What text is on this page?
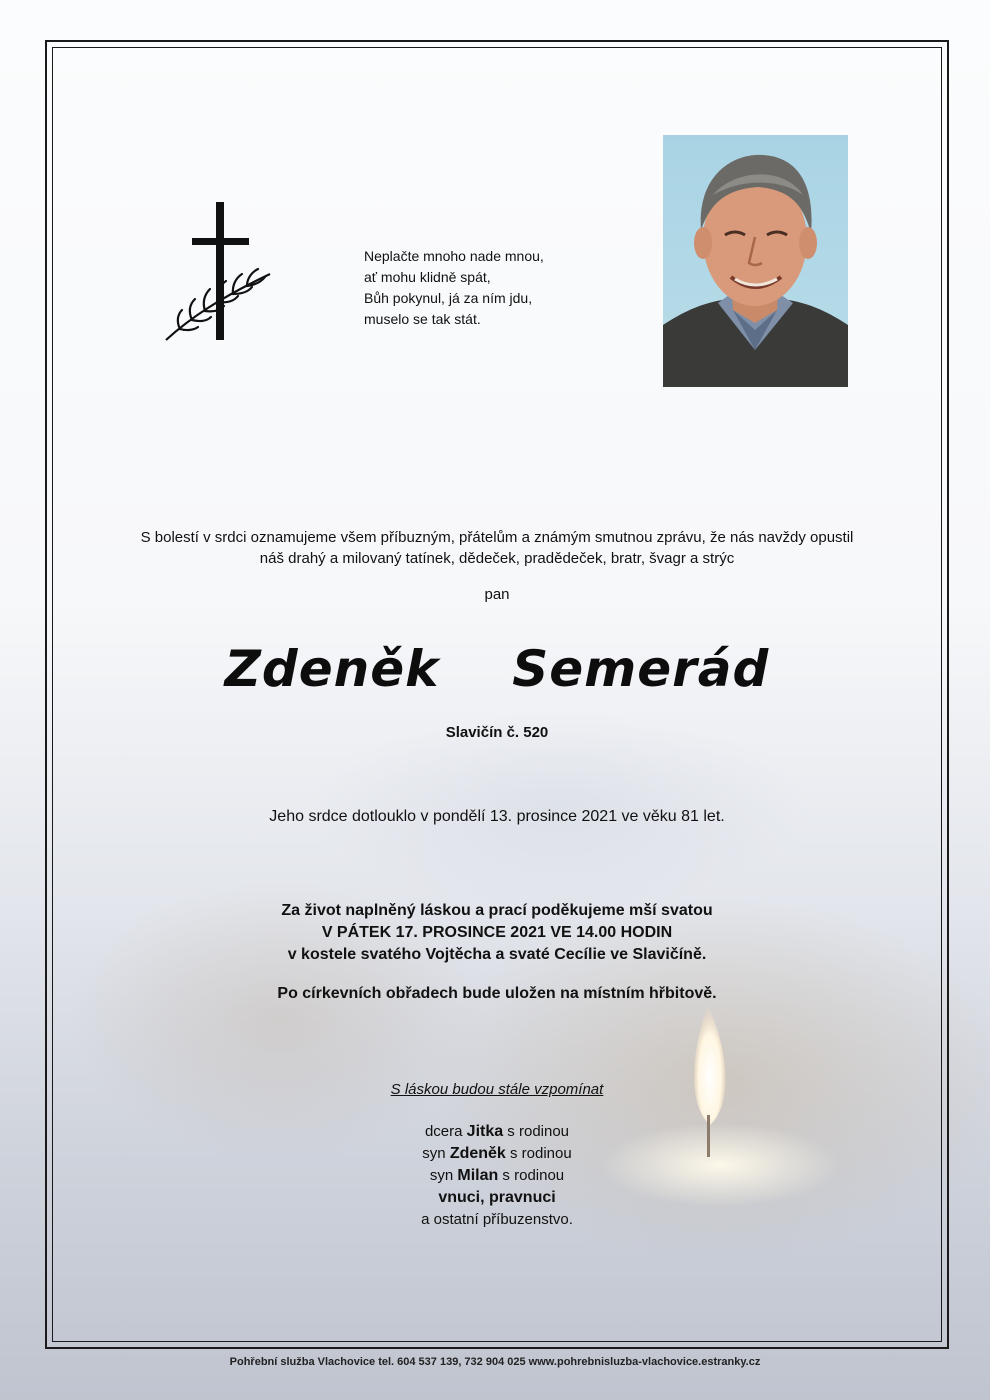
Neplačte mnoho nade mnou,
ať mohu klidně spát,
Bůh pokynul, já za ním jdu,
muselo se tak stát.
S bolestí v srdci oznamujeme všem příbuzným, přátelům a známým smutnou zprávu, že nás navždy opustil
náš drahý a milovaný tatínek, dědeček, pradědeček, bratr, švagr a strýc
pan
Zdeněk  Semerád
Slavičín č. 520
Jeho srdce dotlouklo v pondělí 13. prosince 2021 ve věku 81 let.
Za život naplněný láskou a prací poděkujeme mší svatou
V PÁTEK 17. PROSINCE 2021 VE 14.00 HODIN
v kostele svatého Vojtěcha a svaté Cecílie ve Slavičíně.
Po církevních obřadech bude uložen na místním hřbitově.
S láskou budou stále vzpomínat
dcera Jitka s rodinou
syn Zdeněk s rodinou
syn Milan s rodinou
vnuci, pravnuci
a ostatní příbuzenstvo.
Pohřební služba Vlachovice tel. 604 537 139, 732 904 025 www.pohrebnisluzba-vlachovice.estranky.cz
